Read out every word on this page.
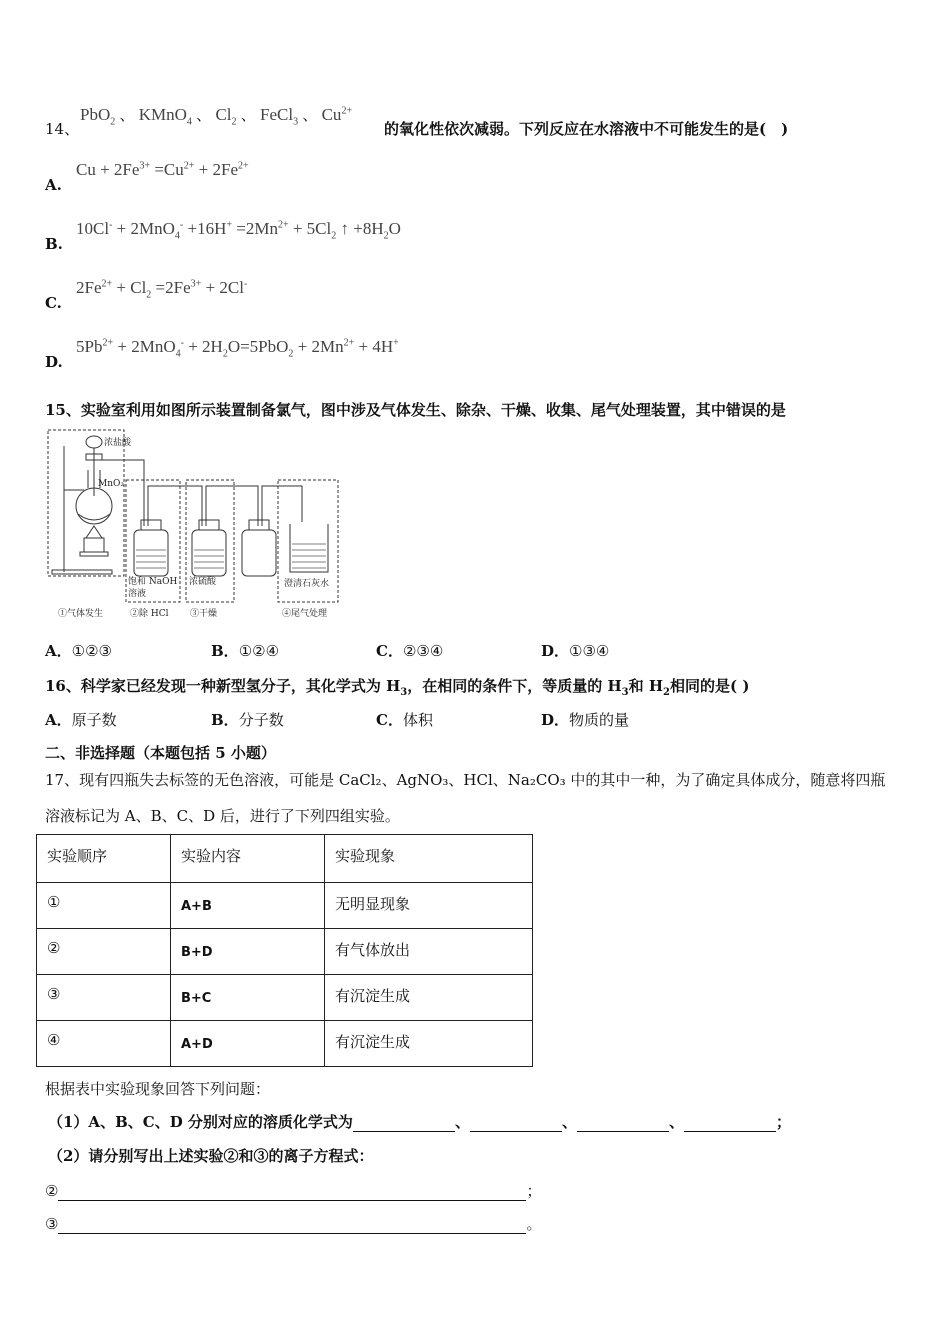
14、
PbO$_2$ 、 KMnO$_4$ 、 $Cl_2$ 、 FeCl$_3$ 、 $Cu^{2+}$
的氧化性依次减弱。下列反应在水溶液中不可能发生的是(　)
A.
$Cu + 2Fe^{3+} =Cu^{2+} + 2Fe^{2+}$
B.
$10Cl^- + 2MnO_4^- +16H^+ =2Mn^{2+} + 5Cl_2$ ↑ $+8H_2O$
C.
$2Fe^{2+} + Cl_2 =2Fe^{3+} + 2Cl^-$
D.
$5Pb^{2+} + 2MnO_4^- + 2H_2O=5PbO_2 + 2Mn^{2+} + 4H^+$
15、实验室利用如图所示装置制备氯气，图中涉及气体发生、除杂、干燥、收集、尾气处理装置，其中错误的是
浓盐酸
MnO₂
饱和 NaOH
溶液
浓硫酸	澄清石灰水
①气体发生	②除 HCl ③干燥	④尾气处理
A．①②③	B．①②④	C．②③④	D．①③④
16、科学家已经发现一种新型氢分子，其化学式为 $H_3$，在相同的条件下，等质量的 $H_3$和 $H_2$相同的是( )
A．原子数	B．分子数	C．体积	D．物质的量
二、非选择题（本题包括 5 小题）
17、现有四瓶失去标签的无色溶液，可能是 CaCl₂、AgNO₃、HCl、Na₂CO₃ 中的其中一种，为了确定具体成分，随意将四瓶
溶液标记为 A、B、C、D 后，进行了下列四组实验。
实验顺序	实验内容	实验现象
①	A+B	无明显现象
②	B+D	有气体放出
③	B+C	有沉淀生成
④	A+D	有沉淀生成
根据表中实验现象回答下列问题：
（1）A、B、C、D 分别对应的溶质化学式为	、	、	、	；
（2）请分别写出上述实验②和③的离子方程式：
②	；
③	。
